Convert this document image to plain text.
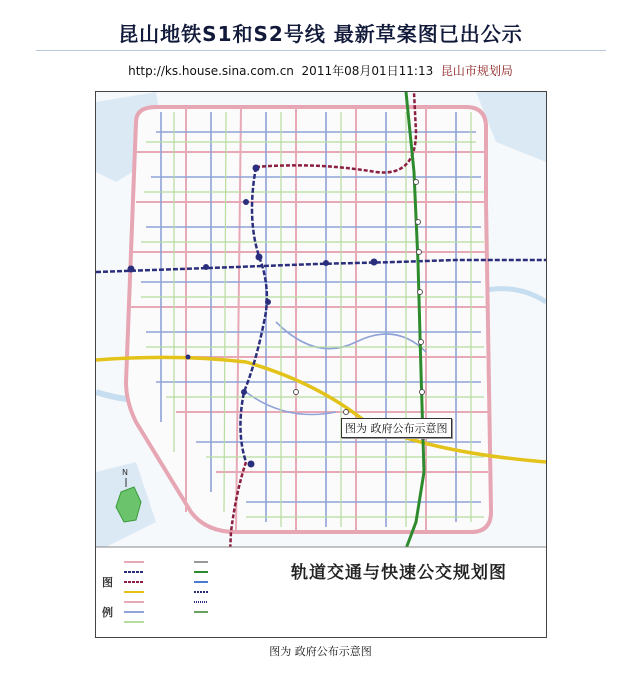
昆山地铁S1和S2号线 最新草案图已出公示
http://ks.house.sina.com.cn 2011年08月01日11:13 昆山市规划局
N
图
例
轨道交通与快速公交规划图
图为 政府公布示意图
图为 政府公布示意图
